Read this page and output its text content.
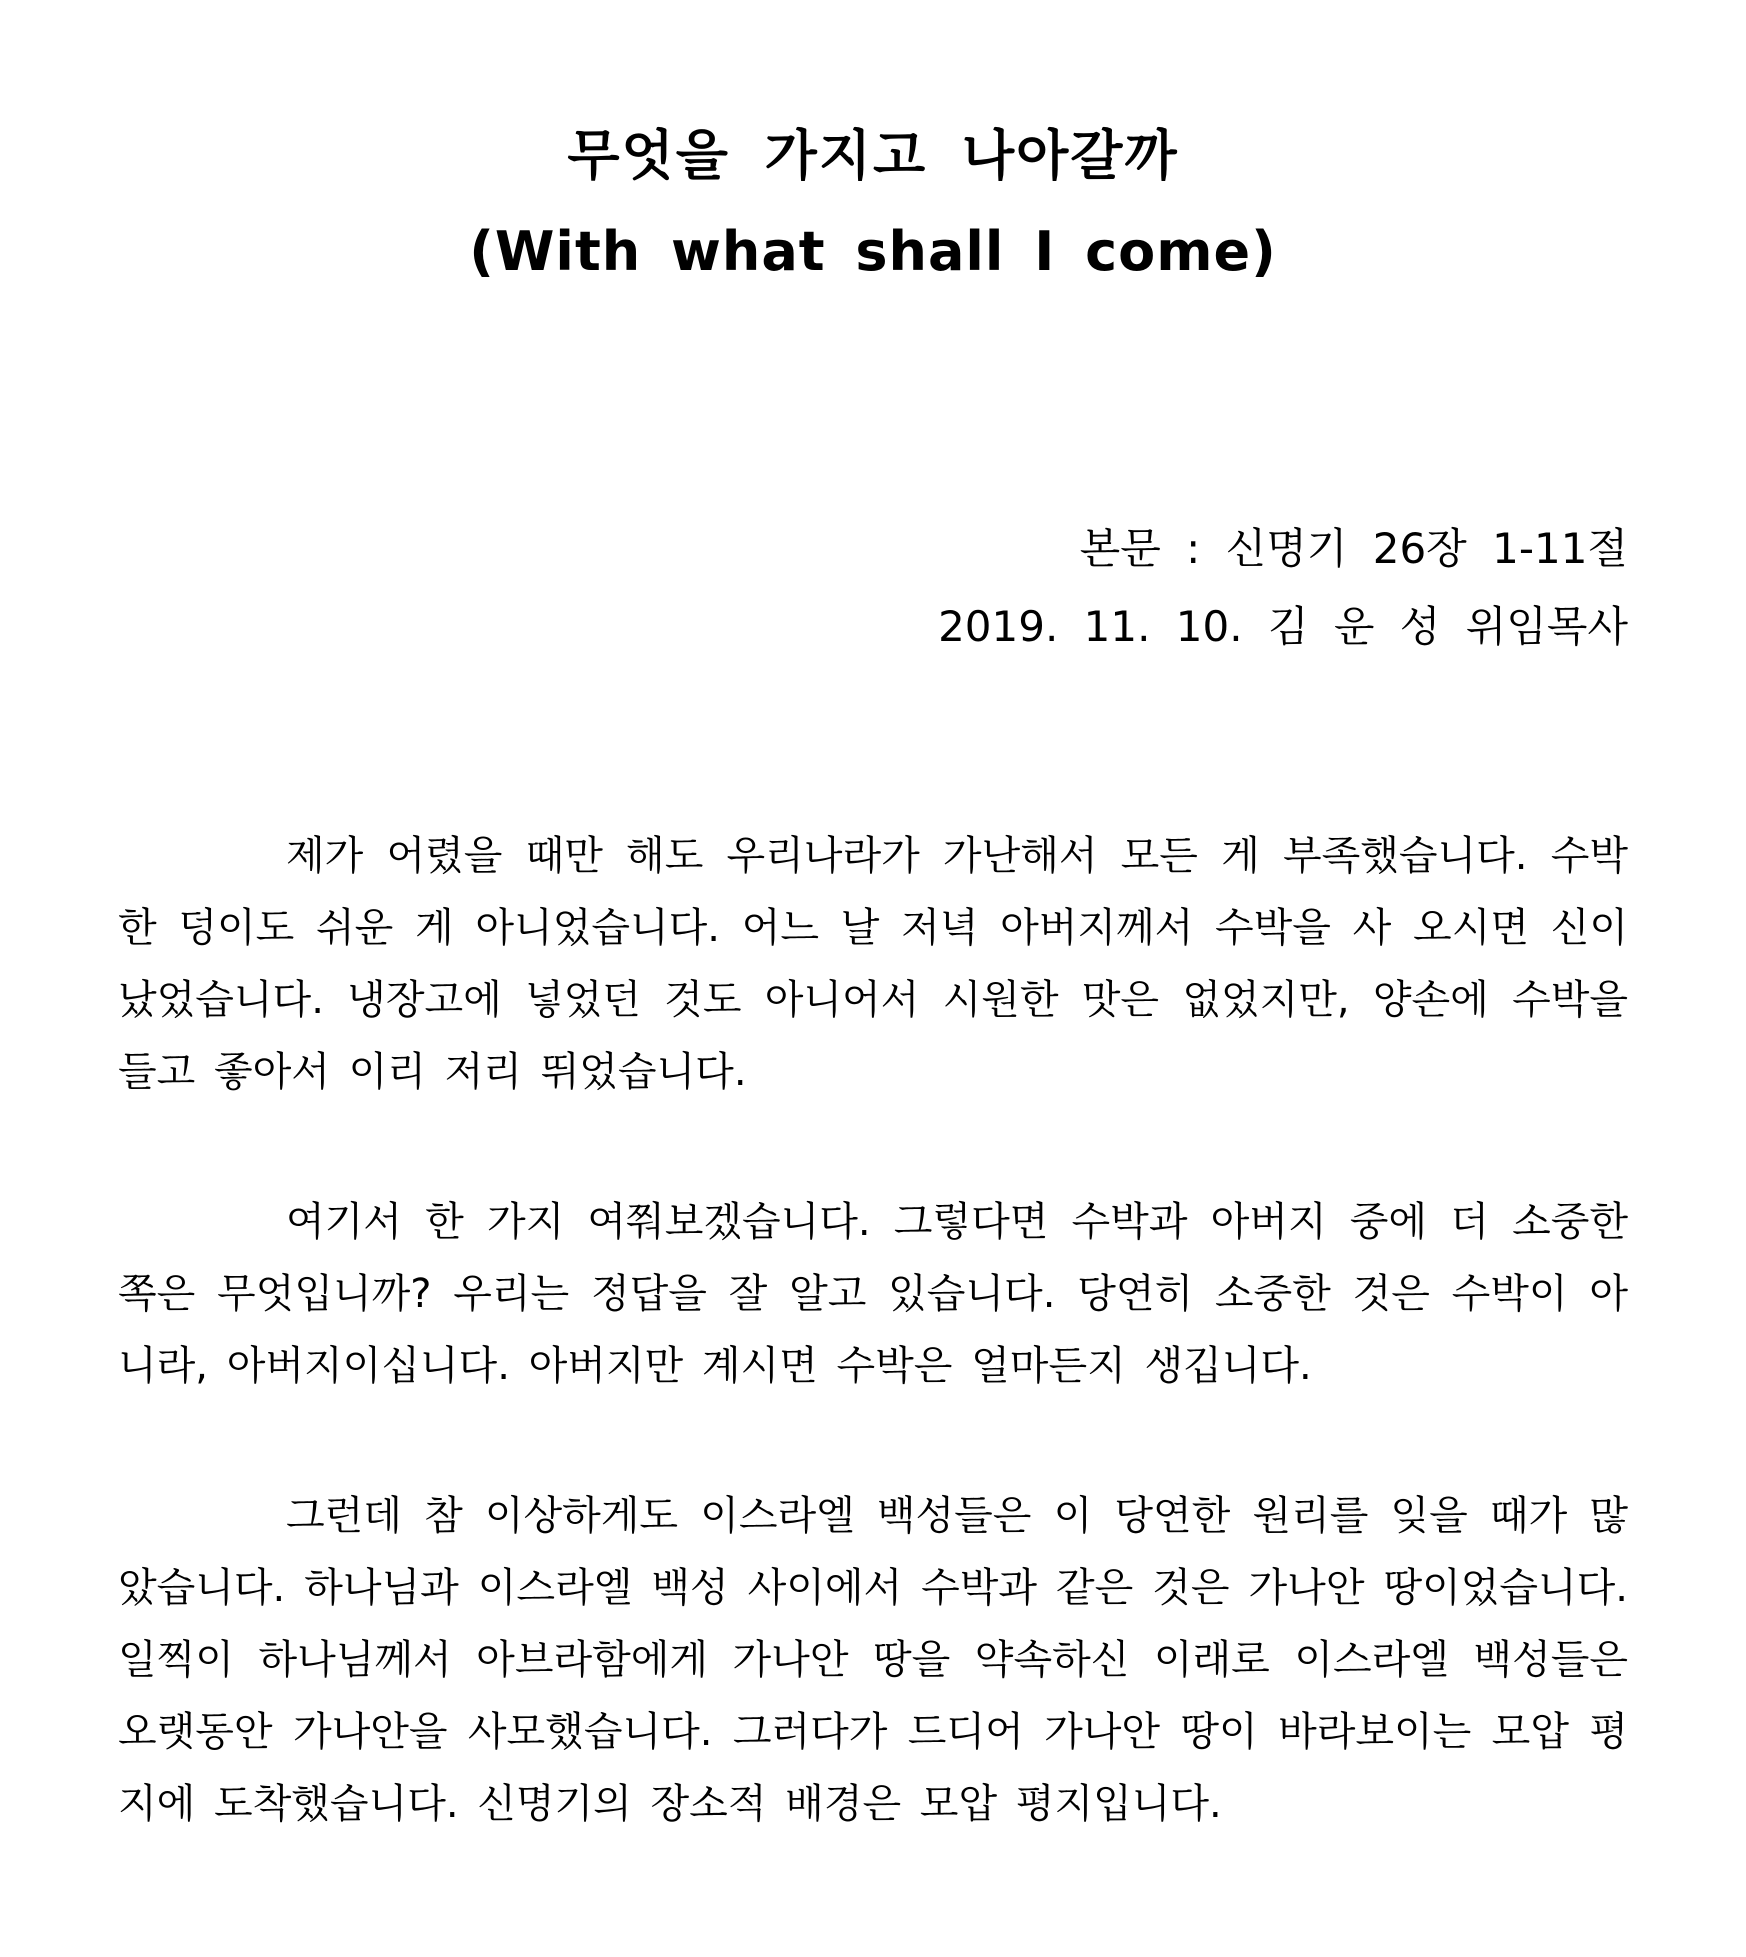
무엇을 가지고 나아갈까
(With what shall I come)
본문 : 신명기 26장 1-11절
2019. 11. 10. 김 운 성 위임목사

제가 어렸을 때만 해도 우리나라가 가난해서 모든 게 부족했습니다. 수박 한 덩이도 쉬운 게 아니었습니다. 어느 날 저녁 아버지께서 수박을 사 오시면 신이 났었습니다. 냉장고에 넣었던 것도 아니어서 시원한 맛은 없었지만, 양손에 수박을 들고 좋아서 이리 저리 뛰었습니다.

여기서 한 가지 여쭤보겠습니다. 그렇다면 수박과 아버지 중에 더 소중한 쪽은 무엇입니까? 우리는 정답을 잘 알고 있습니다. 당연히 소중한 것은 수박이 아니라, 아버지이십니다. 아버지만 계시면 수박은 얼마든지 생깁니다.

그런데 참 이상하게도 이스라엘 백성들은 이 당연한 원리를 잊을 때가 많았습니다. 하나님과 이스라엘 백성 사이에서 수박과 같은 것은 가나안 땅이었습니다. 일찍이 하나님께서 아브라함에게 가나안 땅을 약속하신 이래로 이스라엘 백성들은 오랫동안 가나안을 사모했습니다. 그러다가 드디어 가나안 땅이 바라보이는 모압 평지에 도착했습니다. 신명기의 장소적 배경은 모압 평지입니다.
